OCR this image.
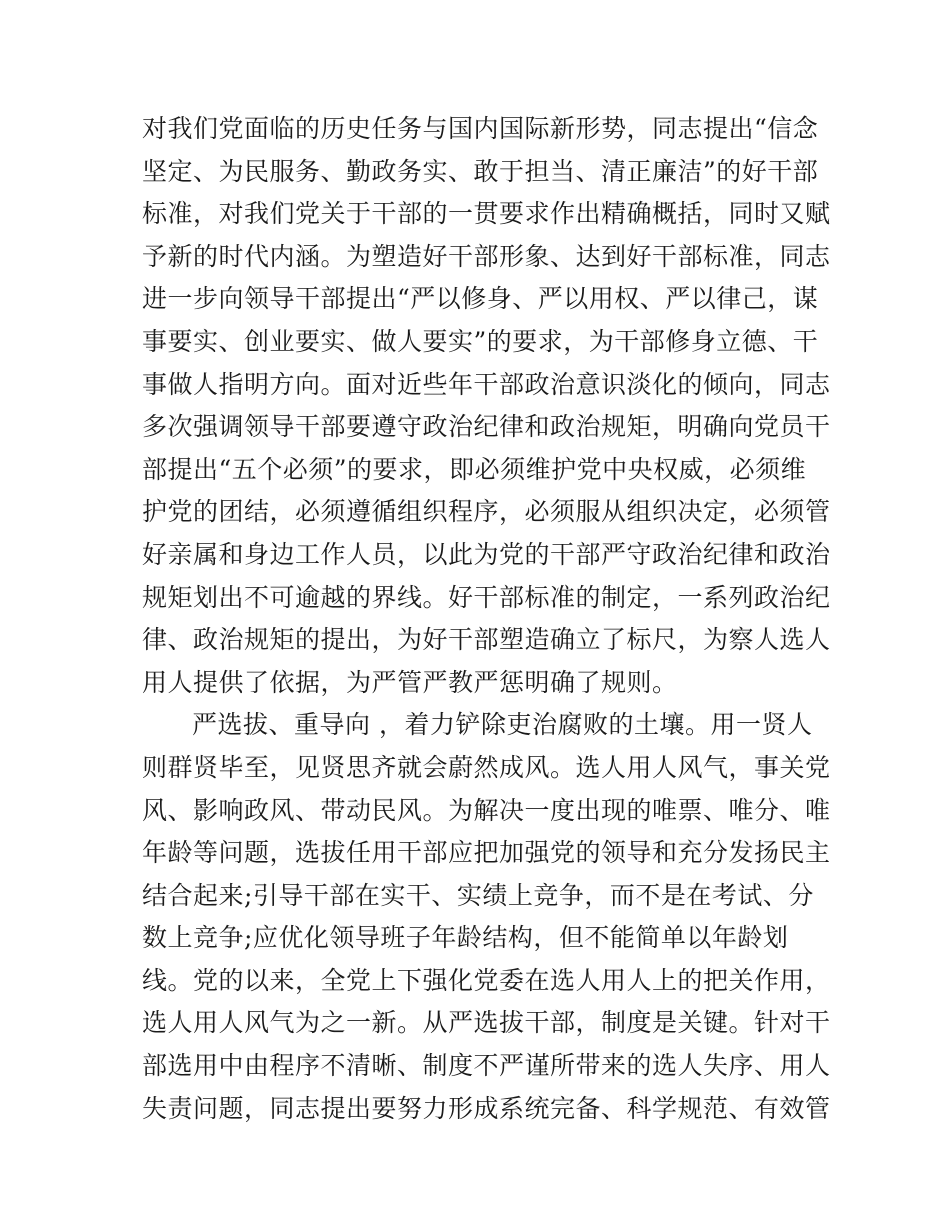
对我们党面临的历史任务与国内国际新形势，同志提出“信念
坚定、为民服务、勤政务实、敢于担当、清正廉洁”的好干部
标准，对我们党关于干部的一贯要求作出精确概括，同时又赋
予新的时代内涵。为塑造好干部形象、达到好干部标准，同志
进一步向领导干部提出“严以修身、严以用权、严以律己，谋
事要实、创业要实、做人要实”的要求，为干部修身立德、干
事做人指明方向。面对近些年干部政治意识淡化的倾向，同志
多次强调领导干部要遵守政治纪律和政治规矩，明确向党员干
部提出“五个必须”的要求，即必须维护党中央权威，必须维
护党的团结，必须遵循组织程序，必须服从组织决定，必须管
好亲属和身边工作人员，以此为党的干部严守政治纪律和政治
规矩划出不可逾越的界线。好干部标准的制定，一系列政治纪
律、政治规矩的提出，为好干部塑造确立了标尺，为察人选人
用人提供了依据，为严管严教严惩明确了规则。
严选拔、重导向 ，着力铲除吏治腐败的土壤。用一贤人
则群贤毕至，见贤思齐就会蔚然成风。选人用人风气，事关党
风、影响政风、带动民风。为解决一度出现的唯票、唯分、唯
年龄等问题，选拔任用干部应把加强党的领导和充分发扬民主
结合起来;引导干部在实干、实绩上竞争，而不是在考试、分
数上竞争;应优化领导班子年龄结构，但不能简单以年龄划
线。党的以来，全党上下强化党委在选人用人上的把关作用，
选人用人风气为之一新。从严选拔干部，制度是关键。针对干
部选用中由程序不清晰、制度不严谨所带来的选人失序、用人
失责问题，同志提出要努力形成系统完备、科学规范、有效管
